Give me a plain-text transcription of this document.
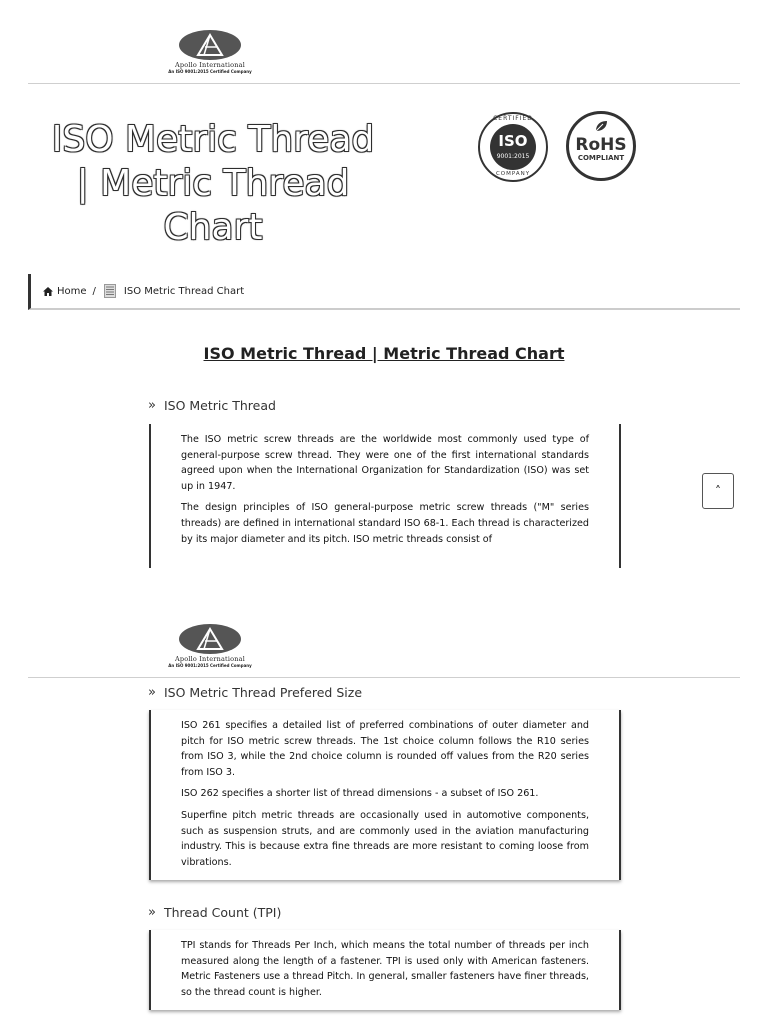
Apollo International
An ISO 9001:2015 Certified Company
ISO Metric Thread
| Metric Thread
Chart
CERTIFIED
ISO
9001:2015
COMPANY
RoHS
COMPLIANT
Home /	ISO Metric Thread Chart
ISO Metric Thread | Metric Thread Chart
» ISO Metric Thread

The ISO metric screw threads are the worldwide most commonly used type of general-purpose screw thread. They were one of the first international standards agreed upon when the International Organization for Standardization (ISO) was set up in 1947.

The design principles of ISO general-purpose metric screw threads ("M" series threads) are defined in international standard ISO 68-1. Each thread is characterized by its major diameter and its pitch. ISO metric threads consist of

˄
Apollo International
An ISO 9001:2015 Certified Company
» ISO Metric Thread Prefered Size

ISO 261 specifies a detailed list of preferred combinations of outer diameter and pitch for ISO metric screw threads. The 1st choice column follows the R10 series from ISO 3, while the 2nd choice column is rounded off values from the R20 series from ISO 3.

ISO 262 specifies a shorter list of thread dimensions - a subset of ISO 261.

Superfine pitch metric threads are occasionally used in automotive components, such as suspension struts, and are commonly used in the aviation manufacturing industry. This is because extra fine threads are more resistant to coming loose from vibrations.

» Thread Count (TPI)

TPI stands for Threads Per Inch, which means the total number of threads per inch measured along the length of a fastener. TPI is used only with American fasteners. Metric Fasteners use a thread Pitch. In general, smaller fasteners have finer threads, so the thread count is higher.
